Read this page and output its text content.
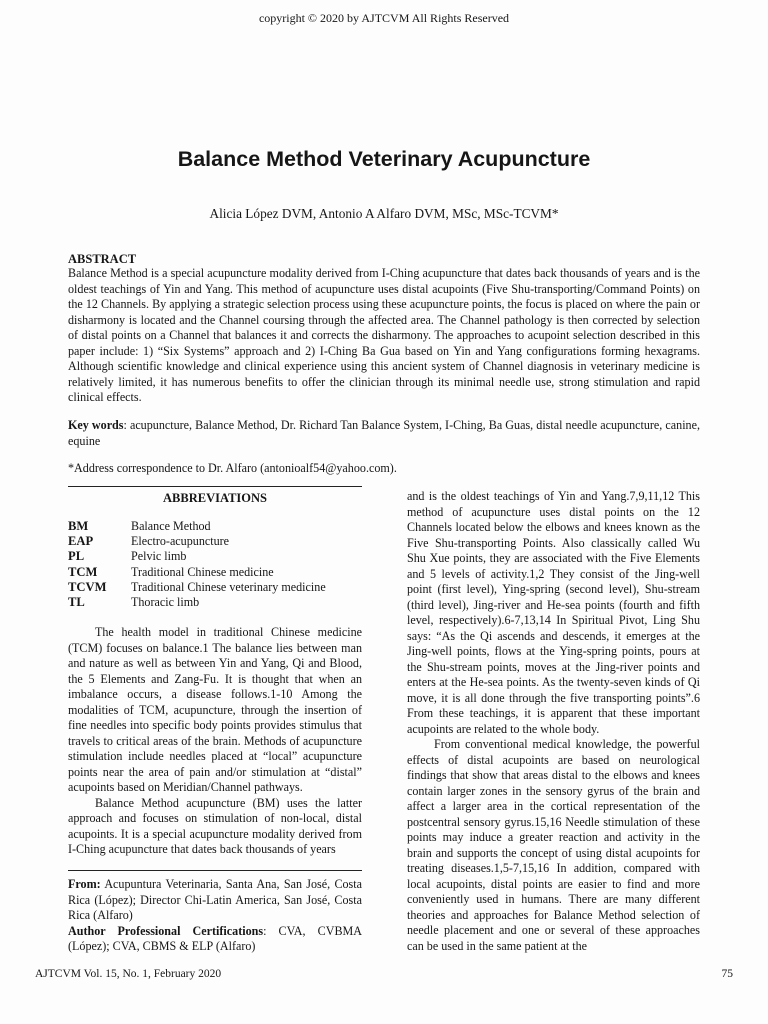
copyright © 2020 by AJTCVM All Rights Reserved
Balance Method Veterinary Acupuncture
Alicia López DVM, Antonio A Alfaro DVM, MSc, MSc-TCVM*
ABSTRACT
Balance Method is a special acupuncture modality derived from I-Ching acupuncture that dates back thousands of years and is the oldest teachings of Yin and Yang. This method of acupuncture uses distal acupoints (Five Shu-transporting/Command Points) on the 12 Channels. By applying a strategic selection process using these acupuncture points, the focus is placed on where the pain or disharmony is located and the Channel coursing through the affected area. The Channel pathology is then corrected by selection of distal points on a Channel that balances it and corrects the disharmony. The approaches to acupoint selection described in this paper include: 1) “Six Systems” approach and 2) I-Ching Ba Gua based on Yin and Yang configurations forming hexagrams. Although scientific knowledge and clinical experience using this ancient system of Channel diagnosis in veterinary medicine is relatively limited, it has numerous benefits to offer the clinician through its minimal needle use, strong stimulation and rapid clinical effects.
Key words: acupuncture, Balance Method, Dr. Richard Tan Balance System, I-Ching, Ba Guas, distal needle acupuncture, canine, equine
*Address correspondence to Dr. Alfaro (antonioalf54@yahoo.com).
ABBREVIATIONS
BM	Balance Method
EAP	Electro-acupuncture
PL	Pelvic limb
TCM	Traditional Chinese medicine
TCVM	Traditional Chinese veterinary medicine
TL	Thoracic limb

The health model in traditional Chinese medicine (TCM) focuses on balance.1 The balance lies between man and nature as well as between Yin and Yang, Qi and Blood, the 5 Elements and Zang-Fu. It is thought that when an imbalance occurs, a disease follows.1-10 Among the modalities of TCM, acupuncture, through the insertion of fine needles into specific body points provides stimulus that travels to critical areas of the brain. Methods of acupuncture stimulation include needles placed at “local” acupuncture points near the area of pain and/or stimulation at “distal” acupoints based on Meridian/Channel pathways.

Balance Method acupuncture (BM) uses the latter approach and focuses on stimulation of non-local, distal acupoints. It is a special acupuncture modality derived from I-Ching acupuncture that dates back thousands of years

From: Acupuntura Veterinaria, Santa Ana, San José, Costa Rica (López); Director Chi-Latin America, San José, Costa Rica (Alfaro)

Author Professional Certifications: CVA, CVBMA (López); CVA, CBMS & ELP (Alfaro)

and is the oldest teachings of Yin and Yang.7,9,11,12 This method of acupuncture uses distal points on the 12 Channels located below the elbows and knees known as the Five Shu-transporting Points. Also classically called Wu Shu Xue points, they are associated with the Five Elements and 5 levels of activity.1,2 They consist of the Jing-well point (first level), Ying-spring (second level), Shu-stream (third level), Jing-river and He-sea points (fourth and fifth level, respectively).6-7,13,14 In Spiritual Pivot, Ling Shu says: “As the Qi ascends and descends, it emerges at the Jing-well points, flows at the Ying-spring points, pours at the Shu-stream points, moves at the Jing-river points and enters at the He-sea points. As the twenty-seven kinds of Qi move, it is all done through the five transporting points”.6 From these teachings, it is apparent that these important acupoints are related to the whole body.

From conventional medical knowledge, the powerful effects of distal acupoints are based on neurological findings that show that areas distal to the elbows and knees contain larger zones in the sensory gyrus of the brain and affect a larger area in the cortical representation of the postcentral sensory gyrus.15,16 Needle stimulation of these points may induce a greater reaction and activity in the brain and supports the concept of using distal acupoints for treating diseases.1,5-7,15,16 In addition, compared with local acupoints, distal points are easier to find and more conveniently used in humans. There are many different theories and approaches for Balance Method selection of needle placement and one or several of these approaches can be used in the same patient at the

AJTCVM Vol. 15, No. 1, February 2020	75
